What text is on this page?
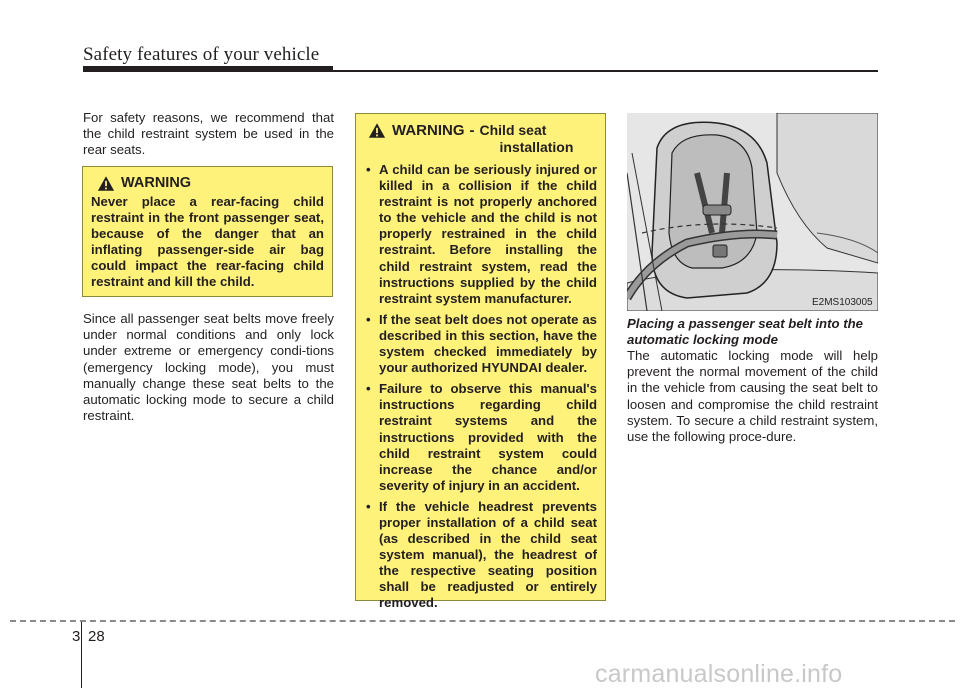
Safety features of your vehicle

For safety reasons, we recommend that the child restraint system be used in the rear seats.

WARNING

Never place a rear-facing child restraint in the front passenger seat, because of the danger that an inflating passenger-side air bag could impact the rear-facing child restraint and kill the child.

Since all passenger seat belts move freely under normal conditions and only lock under extreme or emergency condi-tions (emergency locking mode), you must manually change these seat belts to the automatic locking mode to secure a child restraint.

WARNING - Child seat
installation
• A child can be seriously injured or killed in a collision if the child restraint is not properly anchored to the vehicle and the child is not properly restrained in the child restraint. Before installing the child restraint system, read the instructions supplied by the child restraint system manufacturer.
• If the seat belt does not operate as described in this section, have the system checked immediately by your authorized HYUNDAI dealer.
• Failure to observe this manual's instructions regarding child restraint systems and the instructions provided with the child restraint system could increase the chance and/or severity of injury in an accident.
• If the vehicle headrest prevents proper installation of a child seat (as described in the child seat system manual), the headrest of the respective seating position shall be readjusted or entirely removed.
E2MS103005
Placing a passenger seat belt into the automatic locking mode

The automatic locking mode will help prevent the normal movement of the child in the vehicle from causing the seat belt to loosen and compromise the child restraint system. To secure a child restraint system, use the following proce-dure.

3 28
carmanualsonline.info
